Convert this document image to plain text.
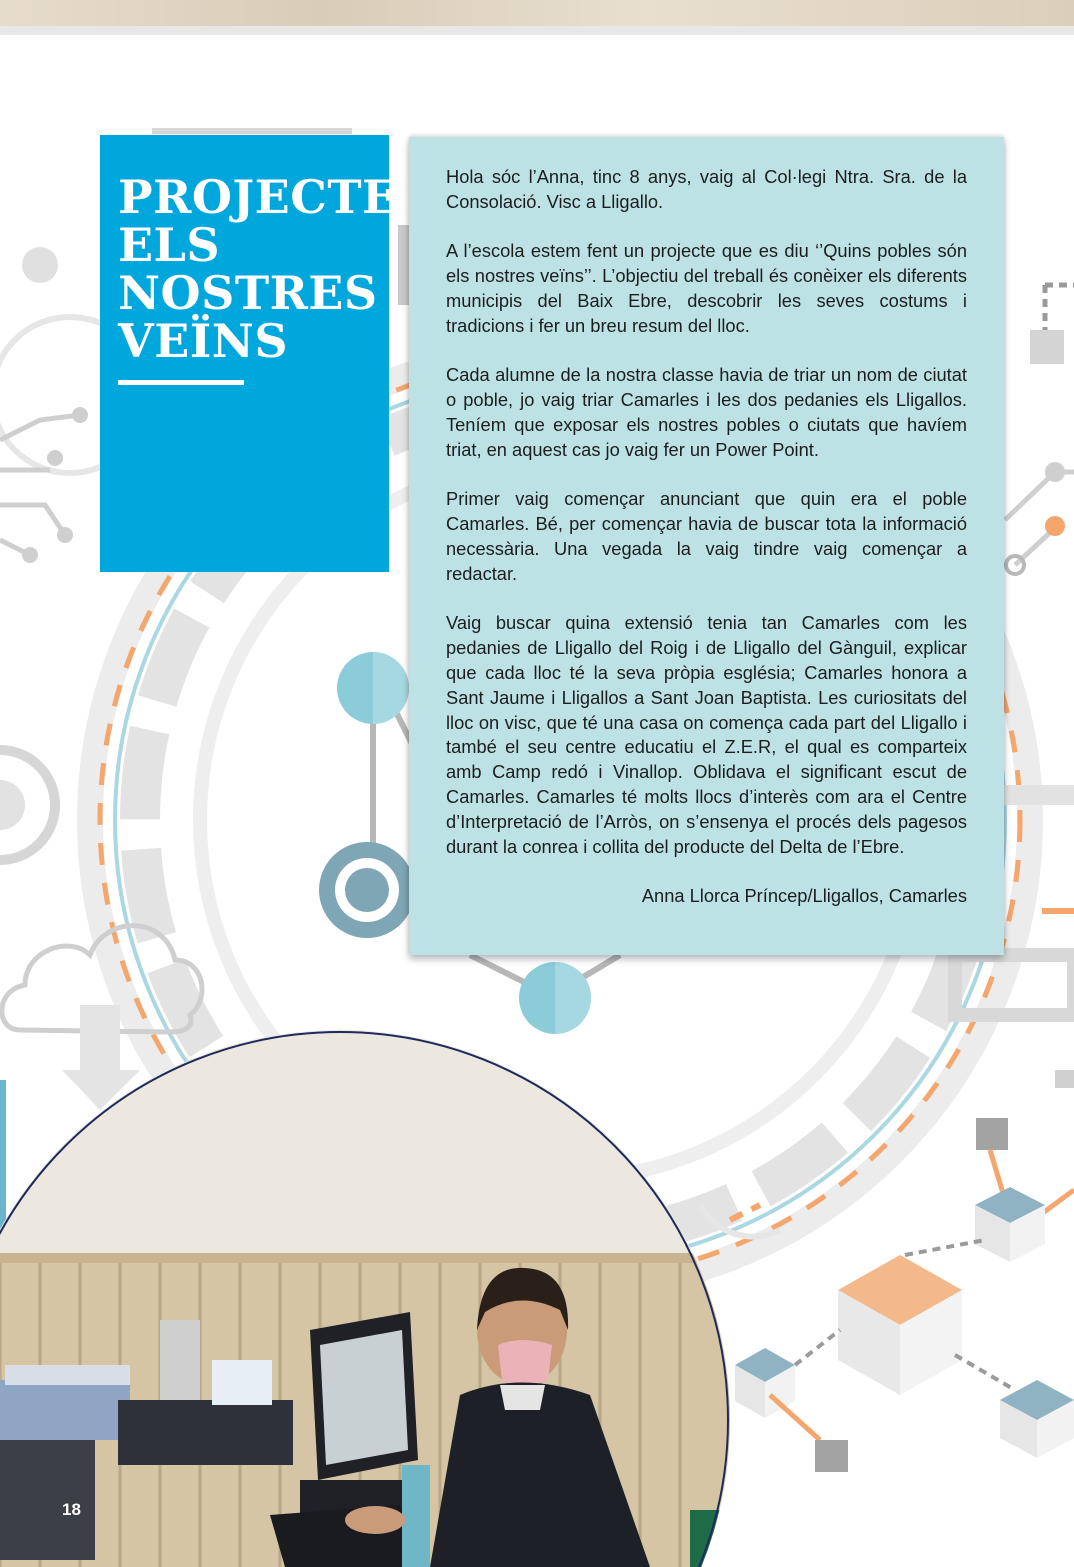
PROJECTE
ELS
NOSTRES
VEÏNS

Hola sóc l’Anna, tinc 8 anys, vaig al Col·legi Ntra. Sra. de la Consolació. Visc a Lligallo.

A l’escola estem fent un projecte que es diu ‘’Quins pobles són els nostres veïns’’. L’objectiu del treball és conèixer els diferents municipis del Baix Ebre, descobrir les seves costums i tradicions i fer un breu resum del lloc.

Cada alumne de la nostra classe havia de triar un nom de ciutat o poble, jo vaig triar Camarles i les dos pedanies els Lligallos. Teníem que exposar els nostres pobles o ciutats que havíem triat, en aquest cas jo vaig fer un Power Point.

Primer vaig començar anunciant que quin era el poble Camarles. Bé, per començar havia de buscar tota la informació necessària. Una vegada la vaig tindre vaig començar a redactar.

Vaig buscar quina extensió tenia tan Camarles com les pedanies de Lligallo del Roig i de Lligallo del Gànguil, explicar que cada lloc té la seva pròpia església; Camarles honora a Sant Jaume i Lligallos a Sant Joan Baptista. Les curiositats del lloc on visc, que té una casa on comença cada part del Lligallo i també el seu centre educatiu el Z.E.R, el qual es comparteix amb Camp redó i Vinallop. Oblidava el significant escut de Camarles. Camarles té molts llocs d’interès com ara el Centre d’Interpretació de l’Arròs, on s’ensenya el procés dels pagesos durant la conrea i collita del producte del Delta de l’Ebre.

Anna Llorca Príncep/Lligallos, Camarles

18
